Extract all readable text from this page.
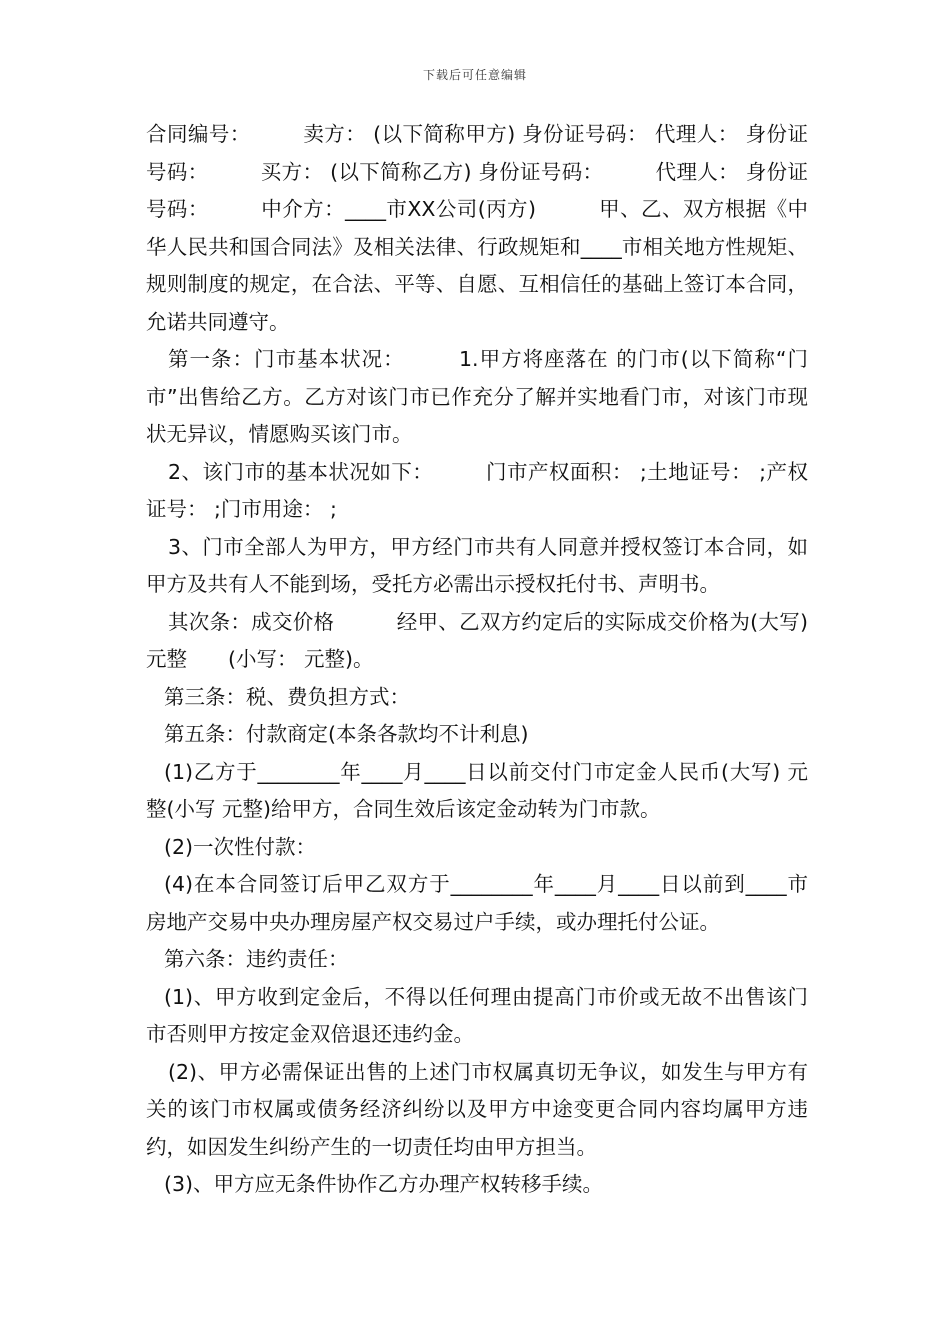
下载后可任意编辑

合同编号：　　　卖方： (以下简称甲方) 身份证号码： 代理人： 身份证号码：　　　买方： (以下简称乙方) 身份证号码：　　　代理人： 身份证号码：　　　中介方：____市XX公司(丙方)　　　甲、乙、双方根据《中华人民共和国合同法》及相关法律、行政规矩和____市相关地方性规矩、规则制度的规定，在合法、平等、自愿、互相信任的基础上签订本合同，允诺共同遵守。

第一条：门市基本状况：　　　1.甲方将座落在 的门市(以下简称“门市”出售给乙方。乙方对该门市已作充分了解并实地看门市，对该门市现状无异议，情愿购买该门市。

2、该门市的基本状况如下：　　　门市产权面积： ;土地证号： ;产权证号： ;门市用途： ;

3、门市全部人为甲方，甲方经门市共有人同意并授权签订本合同，如甲方及共有人不能到场，受托方必需出示授权托付书、声明书。

其次条：成交价格　　　经甲、乙双方约定后的实际成交价格为(大写) 元整　　(小写： 元整)。

第三条：税、费负担方式：

第五条：付款商定(本条各款均不计利息)

(1)乙方于________年____月____日以前交付门市定金人民币(大写) 元整(小写 元整)给甲方，合同生效后该定金动转为门市款。

(2)一次性付款：

(4)在本合同签订后甲乙双方于________年____月____日以前到____市房地产交易中央办理房屋产权交易过户手续，或办理托付公证。

第六条：违约责任：

(1)、甲方收到定金后，不得以任何理由提高门市价或无故不出售该门市否则甲方按定金双倍退还违约金。

(2)、甲方必需保证出售的上述门市权属真切无争议，如发生与甲方有关的该门市权属或债务经济纠纷以及甲方中途变更合同内容均属甲方违约，如因发生纠纷产生的一切责任均由甲方担当。

(3)、甲方应无条件协作乙方办理产权转移手续。
